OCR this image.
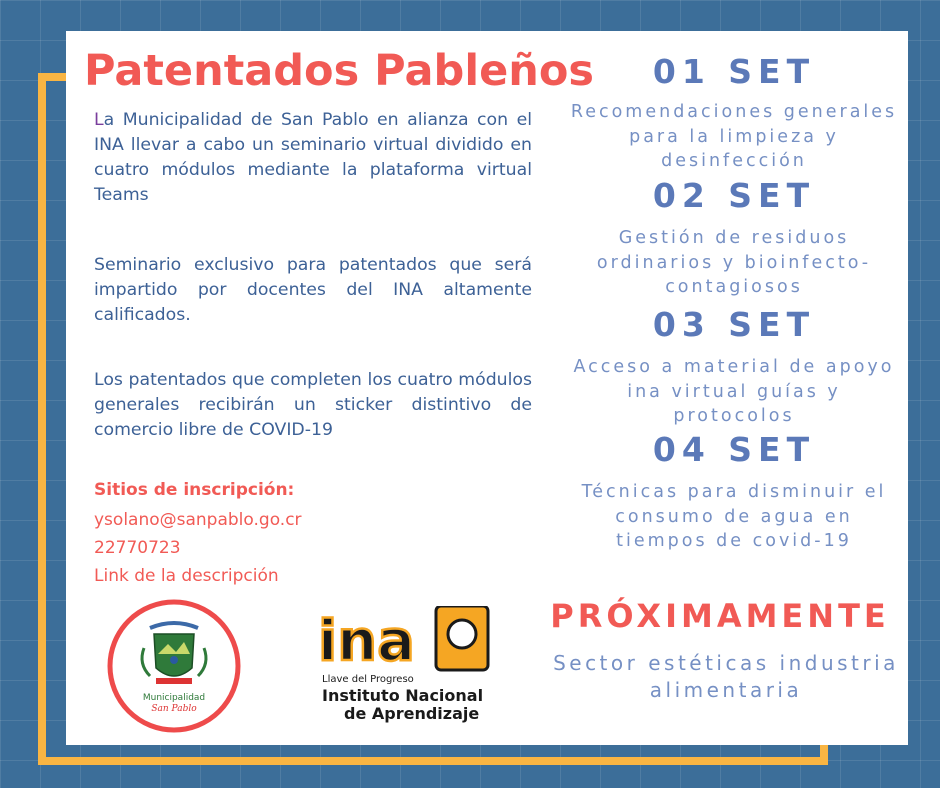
Patentados Pableños

La Municipalidad de San Pablo en alianza con el INA llevar a cabo un seminario virtual dividido en cuatro módulos mediante la plataforma virtual Teams

Seminario exclusivo para patentados que será impartido por docentes del INA altamente calificados.

Los patentados que completen los cuatro módulos generales recibirán un sticker distintivo de comercio libre de COVID-19

Sitios de inscripción:

ysolano@sanpablo.go.cr

22770723

Link de la descripción

01 SET

Recomendaciones generales para la limpieza y desinfección

02 SET

Gestión de residuos ordinarios y bioinfecto-contagiosos

03 SET

Acceso a material de apoyo ina virtual guías y protocolos

04 SET

Técnicas para disminuir el consumo de agua en tiempos de covid-19

PRÓXIMAMENTE

Sector estéticas industria alimentaria

Municipalidad
San Pablo
ina
Llave del Progreso
Instituto Nacional
de Aprendizaje
